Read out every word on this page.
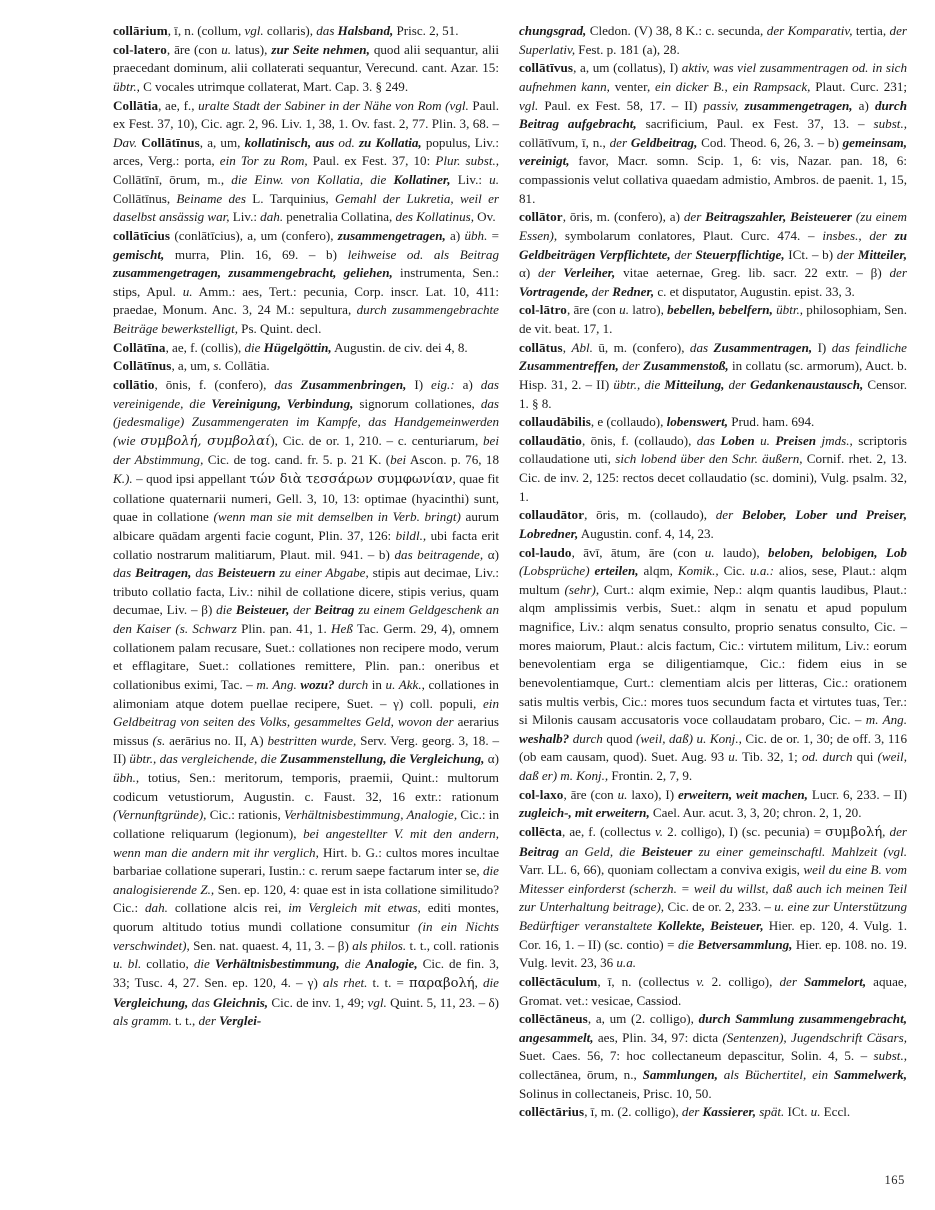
collārium, ī, n. (collum, vgl. collaris), das Halsband, Prisc. 2, 51.

col-latero, āre (con u. latus), zur Seite nehmen, quod alii sequantur, alii praecedant dominum, alii collaterati sequantur, Verecund. cant. Azar. 15: übtr., C vocales utrimque collaterat, Mart. Cap. 3. § 249.

Collātia, ae, f., uralte Stadt der Sabiner in der Nähe von Rom (vgl. Paul. ex Fest. 37, 10), Cic. agr. 2, 96. Liv. 1, 38, 1. Ov. fast. 2, 77. Plin. 3, 68. – Dav. Collātīnus, a, um, kollatinisch, aus od. zu Kollatia, populus, Liv.: arces, Verg.: porta, ein Tor zu Rom, Paul. ex Fest. 37, 10: Plur. subst., Collātīnī, ōrum, m., die Einw. von Kollatia, die Kollatiner, Liv.: u. Collātīnus, Beiname des L. Tarquinius, Gemahl der Lukretia, weil er daselbst ansässig war, Liv.: dah. penetralia Collatina, des Kollatinus, Ov.

collātīcius (conlātīcius), a, um (confero), zusammengetragen, a) übh. = gemischt, murra, Plin. 16, 69. – b) leihweise od. als Beitrag zusammengetragen, zusammengebracht, geliehen, instrumenta, Sen.: stips, Apul. u. Amm.: aes, Tert.: pecunia, Corp. inscr. Lat. 10, 411: praedae, Monum. Anc. 3, 24 M.: sepultura, durch zusammengebrachte Beiträge bewerkstelligt, Ps. Quint. decl.

Collātīna, ae, f. (collis), die Hügelgöttin, Augustin. de civ. dei 4, 8.

Collātīnus, a, um, s. Collātia.

collātio, ōnis, f. (confero), das Zusammenbringen, I) eig.: a) das vereinigende, die Vereinigung, Verbindung, signorum collationes, das (jedesmalige) Zusammengeraten im Kampfe, das Handgemeinwerden (wie συμβολή, συμβολαί), Cic. de or. 1, 210. – c. centuriarum, bei der Abstimmung, Cic. de tog. cand. fr. 5. p. 21 K. (bei Ascon. p. 76, 18 K.). – quod ipsi appellant τών διὰ τεσσάρων συμφωνίαν, quae fit collatione quaternarii numeri, Gell. 3, 10, 13: optimae (hyacinthi) sunt, quae in collatione (wenn man sie mit demselben in Verb. bringt) aurum albicare quādam argenti facie cogunt, Plin. 37, 126: bildl., ubi facta erit collatio nostrarum malitiarum, Plaut. mil. 941. – b) das beitragende, α) das Beitragen, das Beisteuern zu einer Abgabe, stipis aut decimae, Liv.: tributo collatio facta, Liv.: nihil de collatione dicere, stipis verius, quam decumae, Liv. – β) die Beisteuer, der Beitrag zu einem Geldgeschenk an den Kaiser (s. Schwarz Plin. pan. 41, 1. Heß Tac. Germ. 29, 4), omnem collationem palam recusare, Suet.: collationes non recipere modo, verum et efflagitare, Suet.: collationes remittere, Plin. pan.: oneribus et collationibus eximi, Tac. – m. Ang. wozu? durch in u. Akk., collationes in alimoniam atque dotem puellae recipere, Suet. – γ) coll. populi, ein Geldbeitrag von seiten des Volks, gesammeltes Geld, wovon der aerarius missus (s. aerārius no. II, A) bestritten wurde, Serv. Verg. georg. 3, 18. – II) übtr., das vergleichende, die Zusammenstellung, die Vergleichung, α) übh., totius, Sen.: meritorum, temporis, praemii, Quint.: multorum codicum vetustiorum, Augustin. c. Faust. 32, 16 extr.: rationum (Vernunftgründe), Cic.: rationis, Verhältnisbestimmung, Analogie, Cic.: in collatione reliquarum (legionum), bei angestellter V. mit den andern, wenn man die andern mit ihr verglich, Hirt. b. G.: cultos mores incultae barbariae collatione superari, Iustin.: c. rerum saepe factarum inter se, die analogisierende Z., Sen. ep. 120, 4: quae est in ista collatione similitudo? Cic.: dah. collatione alcis rei, im Vergleich mit etwas, editi montes, quorum altitudo totius mundi collatione consumitur (in ein Nichts verschwindet), Sen. nat. quaest. 4, 11, 3. – β) als philos. t. t., coll. rationis u. bl. collatio, die Verhältnisbestimmung, die Analogie, Cic. de fin. 3, 33; Tusc. 4, 27. Sen. ep. 120, 4. – γ) als rhet. t. t. = παραβολή, die Vergleichung, das Gleichnis, Cic. de inv. 1, 49; vgl. Quint. 5, 11, 23. – δ) als gramm. t. t., der Verglei-

chungsgrad, Cledon. (V) 38, 8 K.: c. secunda, der Komparativ, tertia, der Superlativ, Fest. p. 181 (a), 28.

collātīvus, a, um (collatus), I) aktiv, was viel zusammentragen od. in sich aufnehmen kann, venter, ein dicker B., ein Rampsack, Plaut. Curc. 231; vgl. Paul. ex Fest. 58, 17. – II) passiv, zusammengetragen, a) durch Beitrag aufgebracht, sacrificium, Paul. ex Fest. 37, 13. – subst., collātīvum, ī, n., der Geldbeitrag, Cod. Theod. 6, 26, 3. – b) gemeinsam, vereinigt, favor, Macr. somn. Scip. 1, 6: vis, Nazar. pan. 18, 6: compassionis velut collativa quaedam admistio, Ambros. de paenit. 1, 15, 81.

collātor, ōris, m. (confero), a) der Beitragszahler, Beisteuerer (zu einem Essen), symbolarum conlatores, Plaut. Curc. 474. – insbes., der zu Geldbeiträgen Verpflichtete, der Steuerpflichtige, ICt. – b) der Mitteiler, α) der Verleiher, vitae aeternae, Greg. lib. sacr. 22 extr. – β) der Vortragende, der Redner, c. et disputator, Augustin. epist. 33, 3.

col-lātro, āre (con u. latro), bebellen, bebelfern, übtr., philosophiam, Sen. de vit. beat. 17, 1.

collātus, Abl. ū, m. (confero), das Zusammentragen, I) das feindliche Zusammentreffen, der Zusammenstoß, in collatu (sc. armorum), Auct. b. Hisp. 31, 2. – II) übtr., die Mitteilung, der Gedankenaustausch, Censor. 1. § 8.

collaudābilis, e (collaudo), lobenswert, Prud. ham. 694.

collaudātio, ōnis, f. (collaudo), das Loben u. Preisen jmds., scriptoris collaudatione uti, sich lobend über den Schr. äußern, Cornif. rhet. 2, 13. Cic. de inv. 2, 125: rectos decet collaudatio (sc. domini), Vulg. psalm. 32, 1.

collaudātor, ōris, m. (collaudo), der Belober, Lober und Preiser, Lobredner, Augustin. conf. 4, 14, 23.

col-laudo, āvī, ātum, āre (con u. laudo), beloben, belobigen, Lob (Lobsprüche) erteilen, alqm, Komik., Cic. u.a.: alios, sese, Plaut.: alqm multum (sehr), Curt.: alqm eximie, Nep.: alqm quantis laudibus, Plaut.: alqm amplissimis verbis, Suet.: alqm in senatu et apud populum magnifice, Liv.: alqm senatus consulto, proprio senatus consulto, Cic. – mores maiorum, Plaut.: alcis factum, Cic.: virtutem militum, Liv.: eorum benevolentiam erga se diligentiamque, Cic.: fidem eius in se benevolentiamque, Curt.: clementiam alcis per litteras, Cic.: orationem satis multis verbis, Cic.: mores tuos secundum facta et virtutes tuas, Ter.: si Milonis causam accusatoris voce collaudatam probaro, Cic. – m. Ang. weshalb? durch quod (weil, daß) u. Konj., Cic. de or. 1, 30; de off. 3, 116 (ob eam causam, quod). Suet. Aug. 93 u. Tib. 32, 1; od. durch qui (weil, daß er) m. Konj., Frontin. 2, 7, 9.

col-laxo, āre (con u. laxo), I) erweitern, weit machen, Lucr. 6, 233. – II) zugleich-, mit erweitern, Cael. Aur. acut. 3, 3, 20; chron. 2, 1, 20.

collēcta, ae, f. (collectus v. 2. colligo), I) (sc. pecunia) = συμβολή, der Beitrag an Geld, die Beisteuer zu einer gemeinschaftl. Mahlzeit (vgl. Varr. LL. 6, 66), quoniam collectam a conviva exigis, weil du eine B. vom Mitesser einforderst (scherzh. = weil du willst, daß auch ich meinen Teil zur Unterhaltung beitrage), Cic. de or. 2, 233. – u. eine zur Unterstützung Bedürftiger veranstaltete Kollekte, Beisteuer, Hier. ep. 120, 4. Vulg. 1. Cor. 16, 1. – II) (sc. contio) = die Betversammlung, Hier. ep. 108. no. 19. Vulg. levit. 23, 36 u.a.

collēctāculum, ī, n. (collectus v. 2. colligo), der Sammelort, aquae, Gromat. vet.: vesicae, Cassiod.

collēctāneus, a, um (2. colligo), durch Sammlung zusammengebracht, angesammelt, aes, Plin. 34, 97: dicta (Sentenzen), Jugendschrift Cäsars, Suet. Caes. 56, 7: hoc collectaneum depascitur, Solin. 4, 5. – subst., collectānea, ōrum, n., Sammlungen, als Büchertitel, ein Sammelwerk, Solinus in collectaneis, Prisc. 10, 50.

collēctārius, ī, m. (2. colligo), der Kassierer, spät. ICt. u. Eccl.

165
